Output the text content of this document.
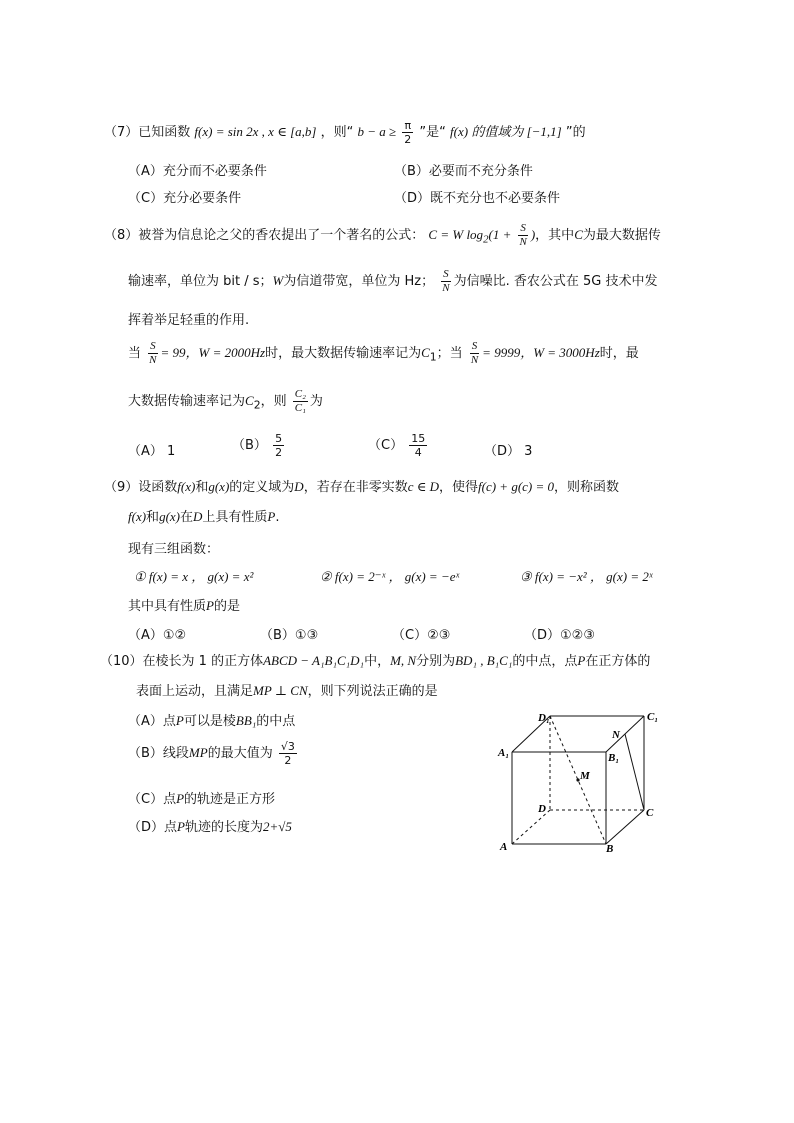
（7）已知函数 f(x) = sin 2x , x ∈ [a,b] ，则“ $b - a \ge \frac{\pi}{2}$ ”是“ f(x) 的值域为 [−1,1] ”的
（A）充分而不必要条件	（B）必要而不充分条件
（C）充分必要条件	（D）既不充分也不必要条件
（8）被誉为信息论之父的香农提出了一个著名的公式： C = W $\log_2(1 + \frac{S}{N}$ )，其中C为最大数据传
输速率，单位为 bit / s；W为信道带宽，单位为 Hz； $\frac{S}{N}$ 为信噪比. 香农公式在 5G 技术中发
挥着举足轻重的作用.
当 $\frac{S}{N} = 99$，W = 2000Hz时，最大数据传输速率记为$C_1$；当 $\frac{S}{N} = 9999$，W = 3000Hz时，最
大数据传输速率记为$C_2$，则 $\frac{\text{C₂}}{\text{C₁}}$ 为
（A） 1	$(B) \frac{5}{2}$	$(C) \frac{15}{4}$	（D） 3
（9）设函数f(x)和g(x)的定义域为D，若存在非零实数c ∈ D，使得f(c) + g(c) = 0，则称函数
f(x)和g(x)在D上具有性质P.
现有三组函数：
① f(x) = x ， g(x) = x²	② f(x) = 2⁻ˣ ， g(x) = −eˣ	③ f(x) = −x² ， g(x) = 2ˣ
其中具有性质P的是
（A）①②	（B）①③	（C）②③	（D）①②③
（10）在棱长为 1 的正方体ABCD − A₁B₁C₁D₁中，M, N分别为BD₁ , B₁C₁的中点，点P在正方体的
表面上运动，且满足MP ⊥ CN，则下列说法正确的是
（A）点P可以是棱BB₁的中点
（B）线段MP的最大值为 $\frac{√3}{2}$
（C）点P的轨迹是正方形
（D）点P轨迹的长度为2+√5
D₁	C₁
A₁	B₁
N
M
D	C
A	B
